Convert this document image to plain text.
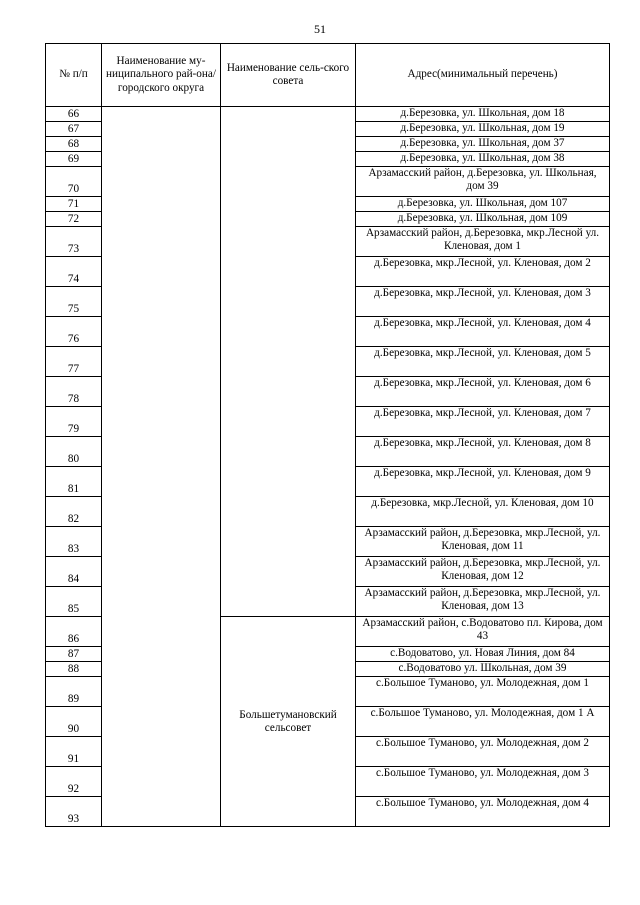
51
№ п/п	Наименование му-ниципального рай-она/ городского округа	Наименование сель-ского совета	Адрес(минимальный перечень)
66			д.Березовка, ул. Школьная, дом 18
67			д.Березовка, ул. Школьная, дом 19
68			д.Березовка, ул. Школьная, дом 37
69			д.Березовка, ул. Школьная, дом 38
70			Арзамасский район, д.Березовка, ул. Школьная, дом 39
71			д.Березовка, ул. Школьная, дом 107
72			д.Березовка, ул. Школьная, дом 109
73			Арзамасский район, д.Березовка, мкр.Лесной ул. Кленовая, дом 1
74			д.Березовка, мкр.Лесной, ул. Кленовая, дом 2
75			д.Березовка, мкр.Лесной, ул. Кленовая, дом 3
76			д.Березовка, мкр.Лесной, ул. Кленовая, дом 4
77			д.Березовка, мкр.Лесной, ул. Кленовая, дом 5
78			д.Березовка, мкр.Лесной, ул. Кленовая, дом 6
79			д.Березовка, мкр.Лесной, ул. Кленовая, дом 7
80			д.Березовка, мкр.Лесной, ул. Кленовая, дом 8
81			д.Березовка, мкр.Лесной, ул. Кленовая, дом 9
82			д.Березовка, мкр.Лесной, ул. Кленовая, дом 10
83			Арзамасский район, д.Березовка, мкр.Лесной, ул. Кленовая, дом 11
84			Арзамасский район, д.Березовка, мкр.Лесной, ул. Кленовая, дом 12
85			Арзамасский район, д.Березовка, мкр.Лесной, ул. Кленовая, дом 13
86		Большетумановский сельсовет	Арзамасский район, с.Водоватово пл. Кирова, дом 43
87			с.Водоватово, ул. Новая Линия, дом 84
88			с.Водоватово ул. Школьная, дом 39
89			с.Большое Туманово, ул. Молодежная, дом 1
90			с.Большое Туманово, ул. Молодежная, дом 1 А
91			с.Большое Туманово, ул. Молодежная, дом 2
92			с.Большое Туманово, ул. Молодежная, дом 3
93			с.Большое Туманово, ул. Молодежная, дом 4
